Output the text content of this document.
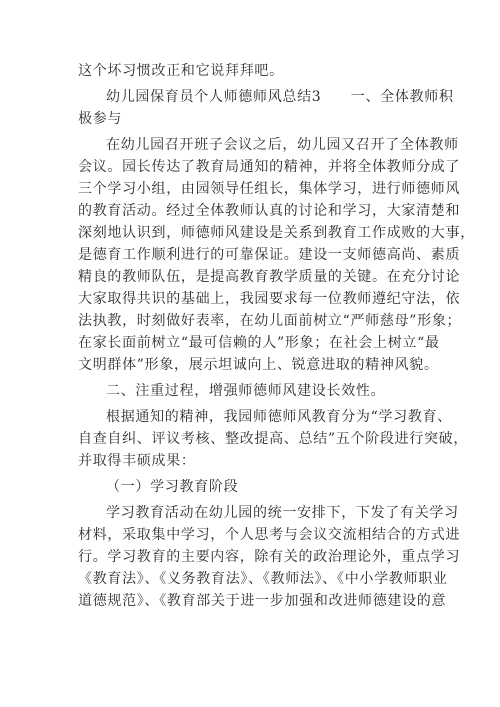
这个坏习惯改正和它说拜拜吧。
幼儿园保育员个人师德师风总结3　　一、全体教师积
极参与
在幼儿园召开班子会议之后，幼儿园又召开了全体教师
会议。园长传达了教育局通知的精神，并将全体教师分成了
三个学习小组，由园领导任组长，集体学习，进行师德师风
的教育活动。经过全体教师认真的讨论和学习，大家清楚和
深刻地认识到，师德师风建设是关系到教育工作成败的大事，
是德育工作顺利进行的可靠保证。建设一支师德高尚、素质
精良的教师队伍，是提高教育教学质量的关键。在充分讨论
大家取得共识的基础上，我园要求每一位教师遵纪守法，依
法执教，时刻做好表率，在幼儿面前树立“严师慈母”形象；
在家长面前树立“最可信赖的人”形象；在社会上树立“最
文明群体”形象，展示坦诚向上、锐意进取的精神风貌。
二、注重过程，增强师德师风建设长效性。
根据通知的精神，我园师德师风教育分为“学习教育、
自查自纠、评议考核、整改提高、总结”五个阶段进行突破，
并取得丰硕成果：
（一）学习教育阶段
学习教育活动在幼儿园的统一安排下，下发了有关学习
材料，采取集中学习，个人思考与会议交流相结合的方式进
行。学习教育的主要内容，除有关的政治理论外，重点学习
《教育法》、《义务教育法》、《教师法》、《中小学教师职业
道德规范》、《教育部关于进一步加强和改进师德建设的意
